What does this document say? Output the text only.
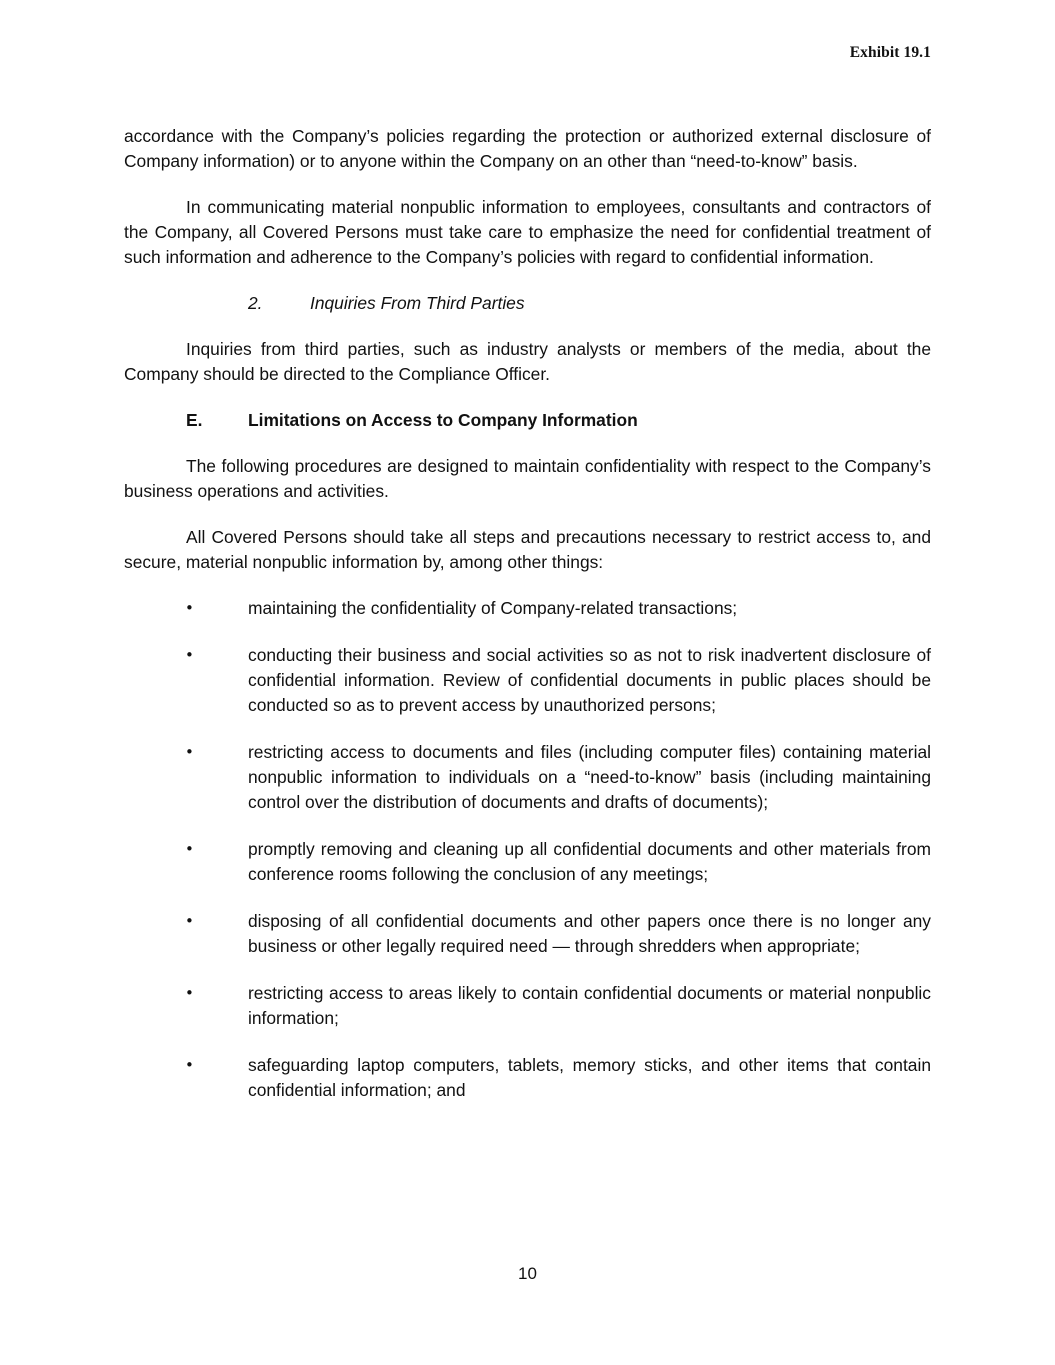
Exhibit 19.1

accordance with the Company’s policies regarding the protection or authorized external disclosure of Company information) or to anyone within the Company on an other than “need-to-know” basis.

In communicating material nonpublic information to employees, consultants and contractors of the Company, all Covered Persons must take care to emphasize the need for confidential treatment of such information and adherence to the Company’s policies with regard to confidential information.

2.	Inquiries From Third Parties

Inquiries from third parties, such as industry analysts or members of the media, about the Company should be directed to the Compliance Officer.

E.	Limitations on Access to Company Information

The following procedures are designed to maintain confidentiality with respect to the Company’s business operations and activities.

All Covered Persons should take all steps and precautions necessary to restrict access to, and secure, material nonpublic information by, among other things:

•	maintaining the confidentiality of Company-related transactions;
•	conducting their business and social activities so as not to risk inadvertent disclosure of confidential information. Review of confidential documents in public places should be conducted so as to prevent access by unauthorized persons;
•	restricting access to documents and files (including computer files) containing material nonpublic information to individuals on a “need-to-know” basis (including maintaining control over the distribution of documents and drafts of documents);
•	promptly removing and cleaning up all confidential documents and other materials from conference rooms following the conclusion of any meetings;
•	disposing of all confidential documents and other papers once there is no longer any business or other legally required need — through shredders when appropriate;
•	restricting access to areas likely to contain confidential documents or material nonpublic information;
•	safeguarding laptop computers, tablets, memory sticks, and other items that contain confidential information; and
10
